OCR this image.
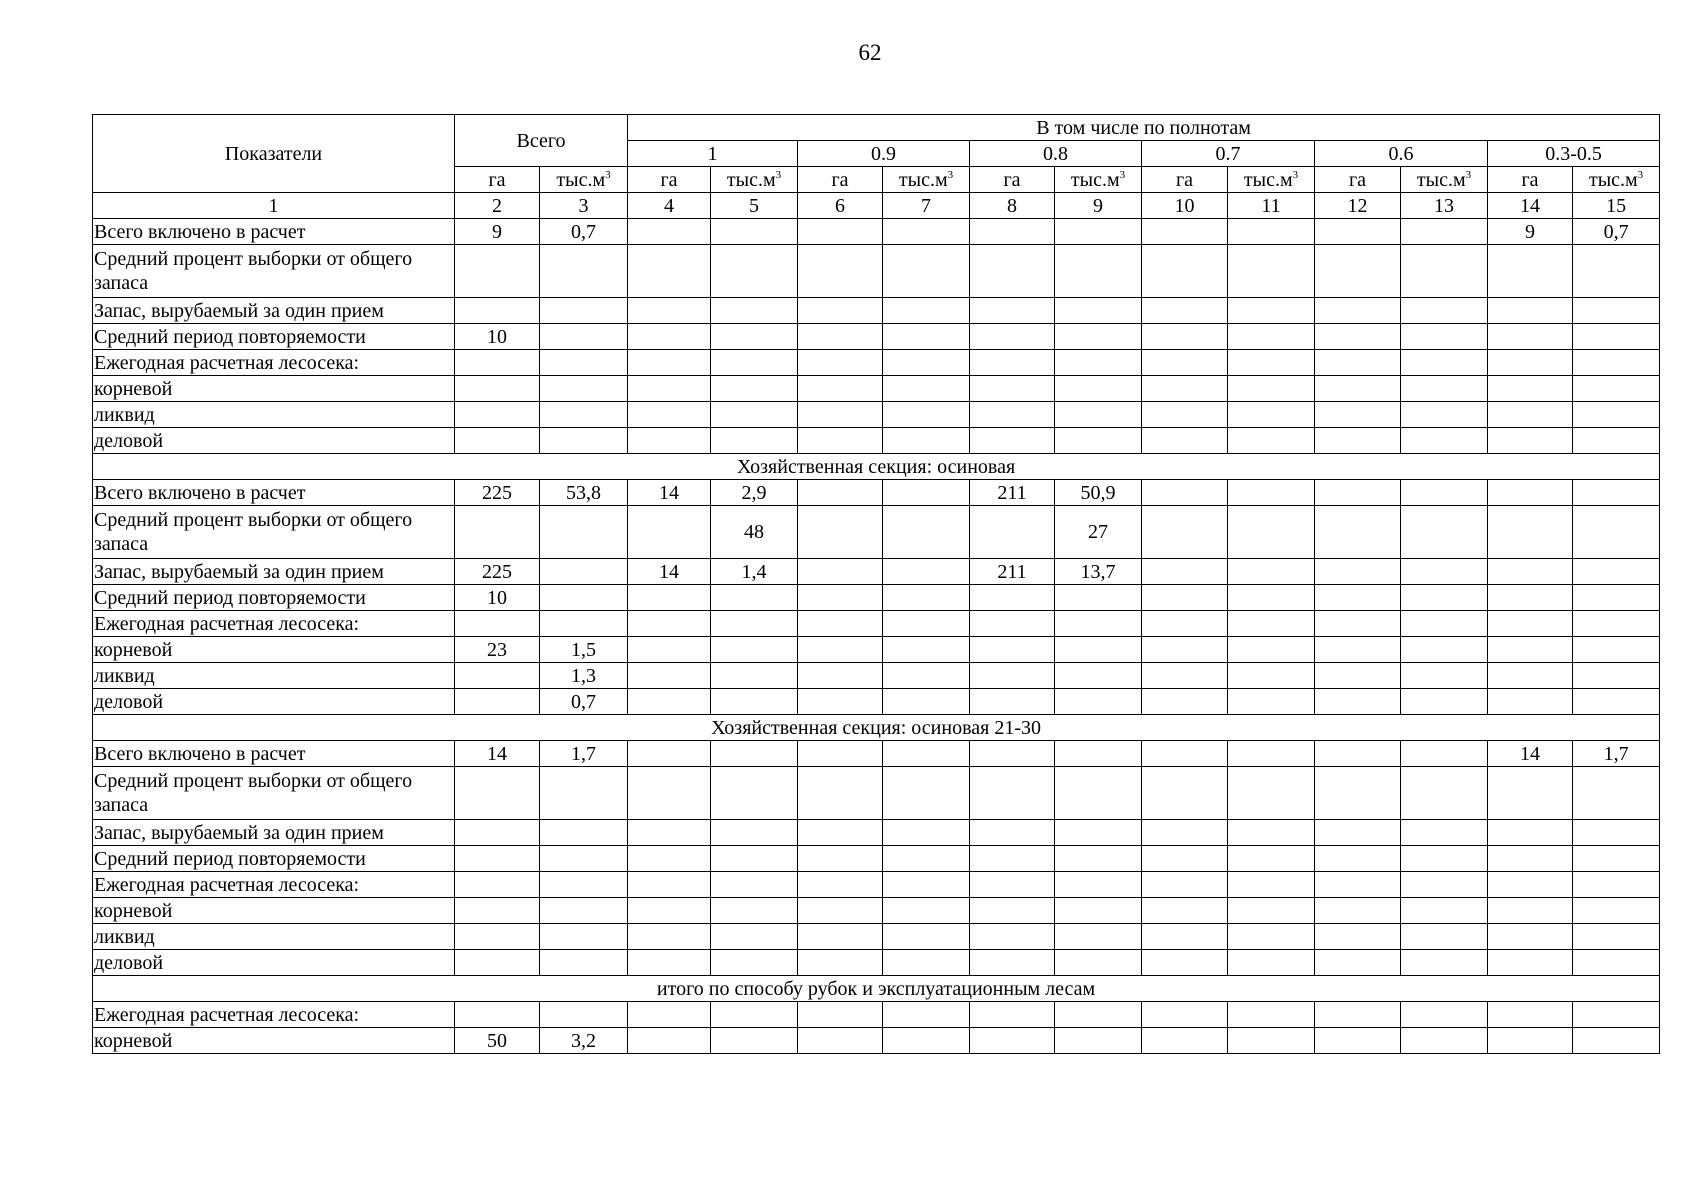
62
Показатели	Всего		В том числе по полнотам											
			1		0.9		0.8		0.7		0.6		0.3-0.5	
	га	$тыс.м^3$	га	$тыс.м^3$	га	$тыс.м^3$	га	$тыс.м^3$	га	$тыс.м^3$	га	$тыс.м^3$	га	$тыс.м^3$
1	2	3	4	5	6	7	8	9	10	11	12	13	14	15
Всего включено в расчет	9	0,7											9	0,7
Средний процент выборки от общего запаса														
Запас, вырубаемый за один прием														
Средний период повторяемости	10													
Ежегодная расчетная лесосека:														
корневой														
ликвид														
деловой														
Хозяйственная секция: осиновая														
Всего включено в расчет	225	53,8	14	2,9			211	50,9						
Средний процент выборки от общего запаса				48				27						
Запас, вырубаемый за один прием	225		14	1,4			211	13,7						
Средний период повторяемости	10													
Ежегодная расчетная лесосека:														
корневой	23	1,5												
ликвид		1,3												
деловой		0,7												
Хозяйственная секция: осиновая 21-30														
Всего включено в расчет	14	1,7											14	1,7
Средний процент выборки от общего запаса														
Запас, вырубаемый за один прием														
Средний период повторяемости														
Ежегодная расчетная лесосека:														
корневой														
ликвид														
деловой														
итого по способу рубок и эксплуатационным лесам														
Ежегодная расчетная лесосека:														
корневой	50	3,2												
